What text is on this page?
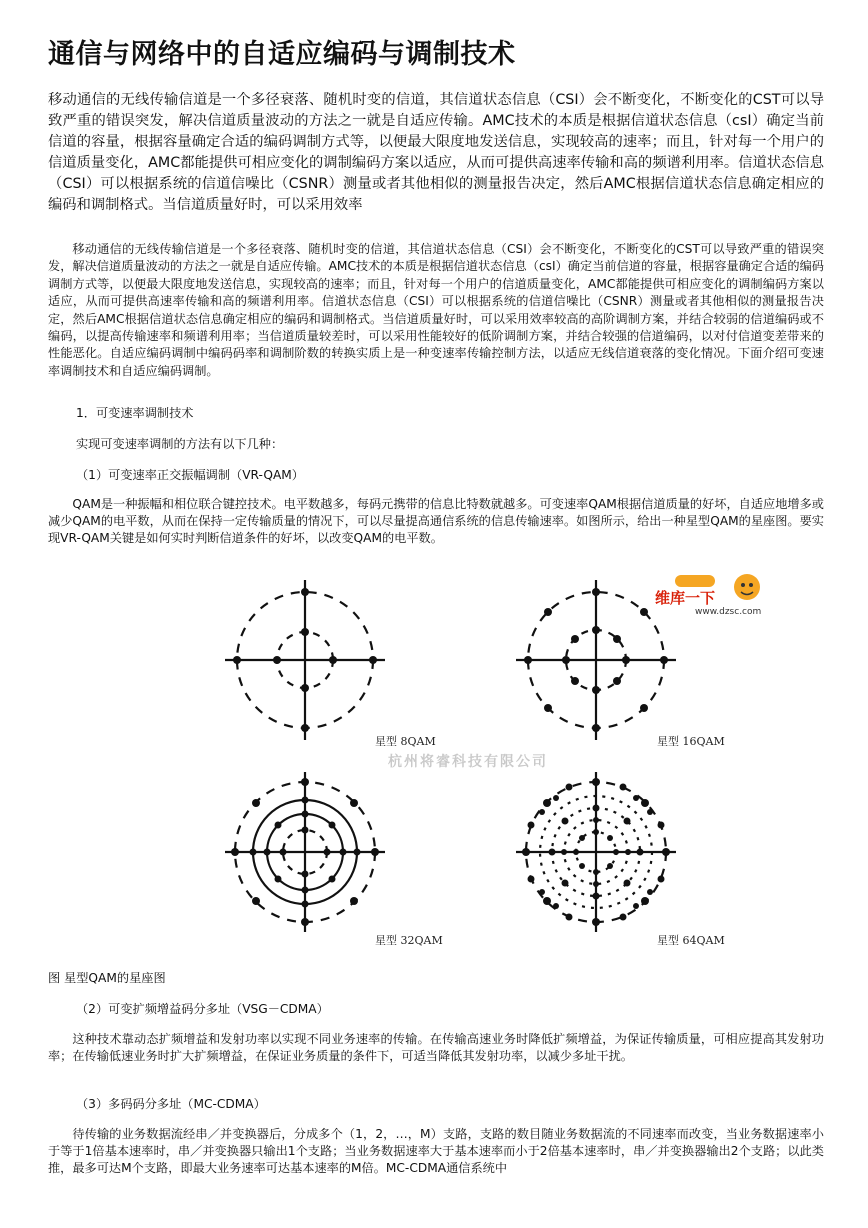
通信与网络中的自适应编码与调制技术

移动通信的无线传输信道是一个多径衰落、随机时变的信道，其信道状态信息（CSI）会不断变化，不断变化的CST可以导致严重的错误突发，解决信道质量波动的方法之一就是自适应传输。AMC技术的本质是根据信道状态信息（csI）确定当前信道的容量，根据容量确定合适的编码调制方式等，以便最大限度地发送信息，实现较高的速率；而且，针对每一个用户的信道质量变化，AMC都能提供可相应变化的调制编码方案以适应，从而可提供高速率传输和高的频谱利用率。信道状态信息（CSI）可以根据系统的信道信噪比（CSNR）测量或者其他相似的测量报告决定，然后AMC根据信道状态信息确定相应的编码和调制格式。当信道质量好时，可以采用效率

移动通信的无线传输信道是一个多径衰落、随机时变的信道，其信道状态信息（CSI）会不断变化，不断变化的CST可以导致严重的错误突发，解决信道质量波动的方法之一就是自适应传输。AMC技术的本质是根据信道状态信息（csI）确定当前信道的容量，根据容量确定合适的编码调制方式等，以便最大限度地发送信息，实现较高的速率；而且，针对每一个用户的信道质量变化，AMC都能提供可相应变化的调制编码方案以适应，从而可提供高速率传输和高的频谱利用率。信道状态信息（CSI）可以根据系统的信道信噪比（CSNR）测量或者其他相似的测量报告决定，然后AMC根据信道状态信息确定相应的编码和调制格式。当信道质量好时，可以采用效率较高的高阶调制方案，并结合较弱的信道编码或不编码，以提高传输速率和频谱利用率；当信道质量较差时，可以采用性能较好的低阶调制方案，并结合较强的信道编码，以对付信道变差带来的性能恶化。自适应编码调制中编码码率和调制阶数的转换实质上是一种变速率传输控制方法，以适应无线信道衰落的变化情况。下面介绍可变速率调制技术和自适应编码调制。

1．可变速率调制技术

实现可变速率调制的方法有以下几种：

（1）可变速率正交振幅调制（VR-QAM）

QAM是一种振幅和相位联合键控技术。电平数越多，每码元携带的信息比特数就越多。可变速率QAM根据信道质量的好坏，自适应地增多或减少QAM的电平数，从而在保持一定传输质量的情况下，可以尽量提高通信系统的信息传输速率。如图所示，给出一种星型QAM的星座图。要实现VR-QAM关键是如何实时判断信道条件的好坏，以改变QAM的电平数。

星型 8QAM	星型 16QAM
星型 32QAM	星型 64QAM
杭州将睿科技有限公司
维库一下
www.dzsc.com

图 星型QAM的星座图

（2）可变扩频增益码分多址（VSG－CDMA）

这种技术靠动态扩频增益和发射功率以实现不同业务速率的传输。在传输高速业务时降低扩频增益，为保证传输质量，可相应提高其发射功率；在传输低速业务时扩大扩频增益，在保证业务质量的条件下，可适当降低其发射功率，以减少多址干扰。

（3）多码码分多址（MC-CDMA）

待传输的业务数据流经串／并变换器后，分成多个（1，2，…，M）支路，支路的数目随业务数据流的不同速率而改变，当业务数据速率小于等于1倍基本速率时，串／并变换器只输出1个支路；当业务数据速率大于基本速率而小于2倍基本速率时，串／并变换器输出2个支路；以此类推，最多可达M个支路，即最大业务速率可达基本速率的M倍。MC-CDMA通信系统中
